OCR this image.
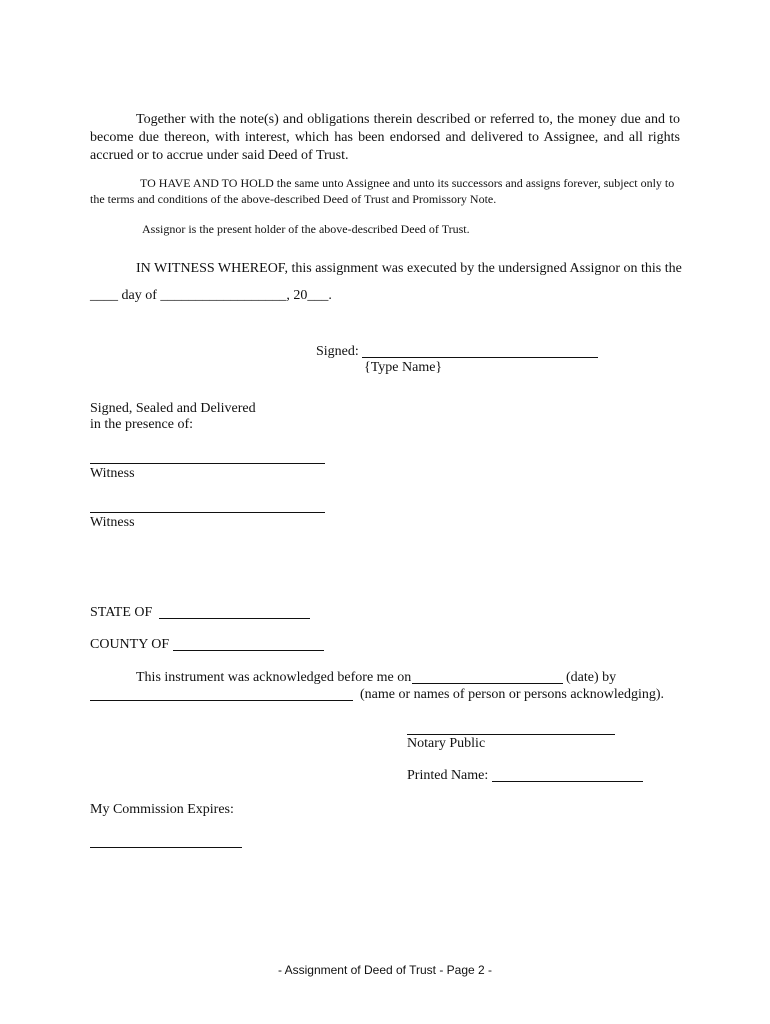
Together with the note(s) and obligations therein described or referred to, the money due and to become due thereon, with interest, which has been endorsed and delivered to Assignee, and all rights accrued or to accrue under said Deed of Trust.
TO HAVE AND TO HOLD the same unto Assignee and unto its successors and assigns forever, subject only to the terms and conditions of the above-described Deed of Trust and Promissory Note.
Assignor is the present holder of the above-described Deed of Trust.
IN WITNESS WHEREOF, this assignment was executed by the undersigned Assignor on this the
____ day of __________________, 20___.
Signed:
{Type Name}
Signed, Sealed and Delivered
in the presence of:
Witness
Witness
STATE OF
COUNTY OF
This instrument was acknowledged before me on	(date) by
(name or names of person or persons acknowledging).
Notary Public
Printed Name:
My Commission Expires:
- Assignment of Deed of Trust - Page 2 -
